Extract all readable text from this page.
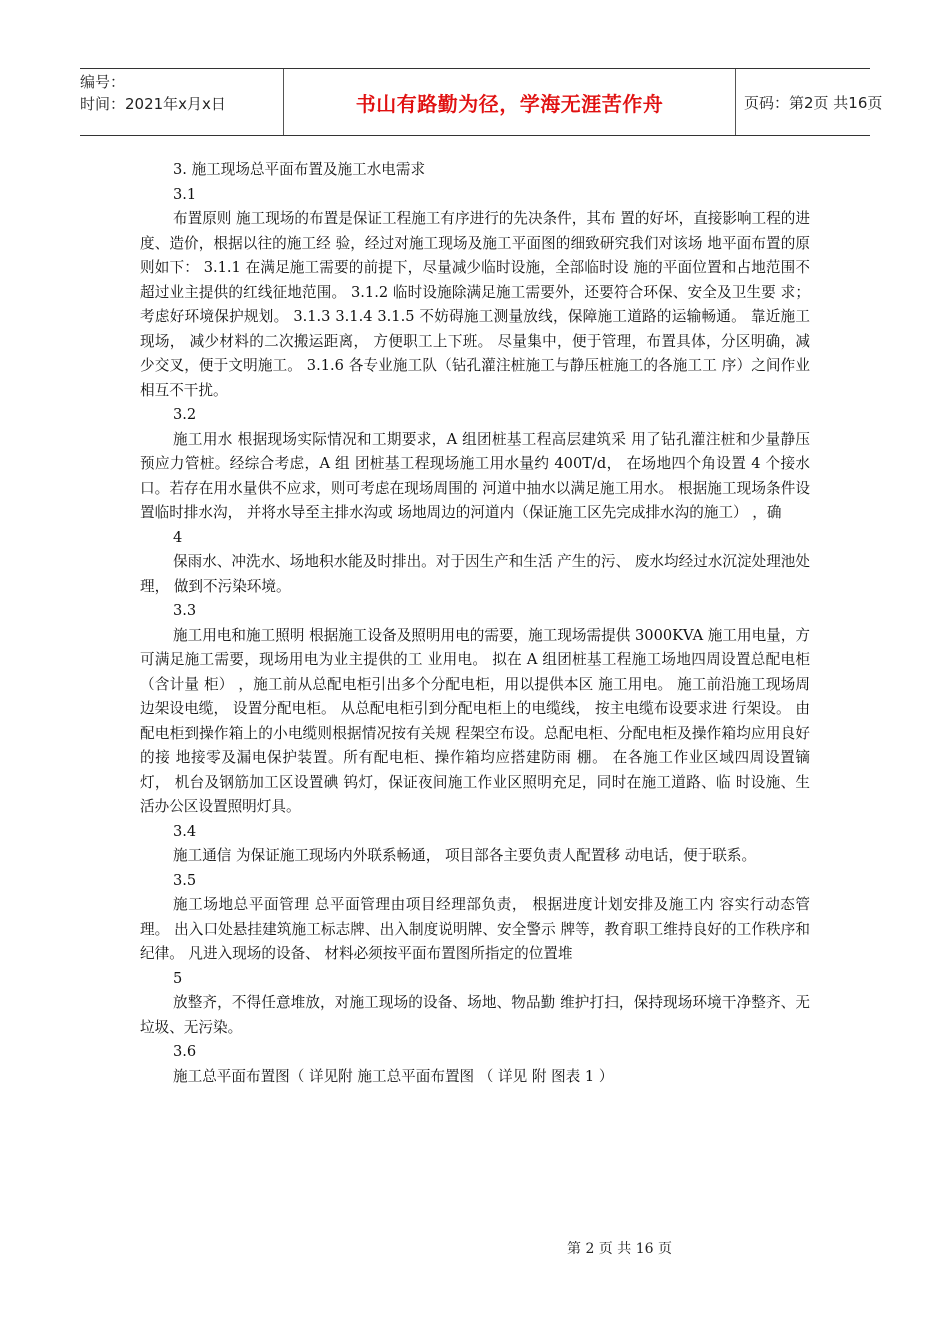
编号：
时间：2021年x月x日	书山有路勤为径，学海无涯苦作舟	页码：第2页 共16页

3. 施工现场总平面布置及施工水电需求

3.1

布置原则 施工现场的布置是保证工程施工有序进行的先决条件，其布 置的好坏，直接影响工程的进度、造价，根据以往的施工经 验，经过对施工现场及施工平面图的细致研究我们对该场 地平面布置的原则如下： 3.1.1 在满足施工需要的前提下，尽量减少临时设施，全部临时设 施的平面位置和占地范围不超过业主提供的红线征地范围。 3.1.2 临时设施除满足施工需要外，还要符合环保、安全及卫生要 求；考虑好环境保护规划。 3.1.3 3.1.4 3.1.5 不妨碍施工测量放线，保障施工道路的运输畅通。 靠近施工现场， 减少材料的二次搬运距离， 方便职工上下班。 尽量集中，便于管理，布置具体，分区明确，减少交叉，便于文明施工。 3.1.6 各专业施工队（钻孔灌注桩施工与静压桩施工的各施工工 序）之间作业相互不干扰。

3.2

施工用水 根据现场实际情况和工期要求，A 组团桩基工程高层建筑采 用了钻孔灌注桩和少量静压预应力管桩。经综合考虑，A 组 团桩基工程现场施工用水量约 400T/d， 在场地四个角设置 4 个接水口。若存在用水量供不应求，则可考虑在现场周围的 河道中抽水以满足施工用水。 根据施工现场条件设置临时排水沟， 并将水导至主排水沟或 场地周边的河道内（保证施工区先完成排水沟的施工） ，确

4

保雨水、冲洗水、场地积水能及时排出。对于因生产和生活 产生的污、 废水均经过水沉淀处理池处理， 做到不污染环境。

3.3

施工用电和施工照明 根据施工设备及照明用电的需要，施工现场需提供 3000KVA 施工用电量，方可满足施工需要，现场用电为业主提供的工 业用电。 拟在 A 组团桩基工程施工场地四周设置总配电柜（含计量 柜） ，施工前从总配电柜引出多个分配电柜，用以提供本区 施工用电。 施工前沿施工现场周边架设电缆， 设置分配电柜。 从总配电柜引到分配电柜上的电缆线， 按主电缆布设要求进 行架设。 由配电柜到操作箱上的小电缆则根据情况按有关规 程架空布设。总配电柜、分配电柜及操作箱均应用良好的接 地接零及漏电保护装置。所有配电柜、操作箱均应搭建防雨 棚。 在各施工作业区域四周设置镝灯， 机台及钢筋加工区设置碘 钨灯，保证夜间施工作业区照明充足，同时在施工道路、临 时设施、生活办公区设置照明灯具。

3.4

施工通信 为保证施工现场内外联系畅通， 项目部各主要负责人配置移 动电话，便于联系。

3.5

施工场地总平面管理 总平面管理由项目经理部负责， 根据进度计划安排及施工内 容实行动态管理。 出入口处悬挂建筑施工标志牌、出入制度说明牌、安全警示 牌等，教育职工维持良好的工作秩序和纪律。 凡进入现场的设备、 材料必须按平面布置图所指定的位置堆

5

放整齐，不得任意堆放，对施工现场的设备、场地、物品勤 维护打扫，保持现场环境干净整齐、无垃圾、无污染。

3.6

施工总平面布置图（ 详见附 施工总平面布置图 （ 详见 附 图表 1 ）

第 2 页 共 16 页
